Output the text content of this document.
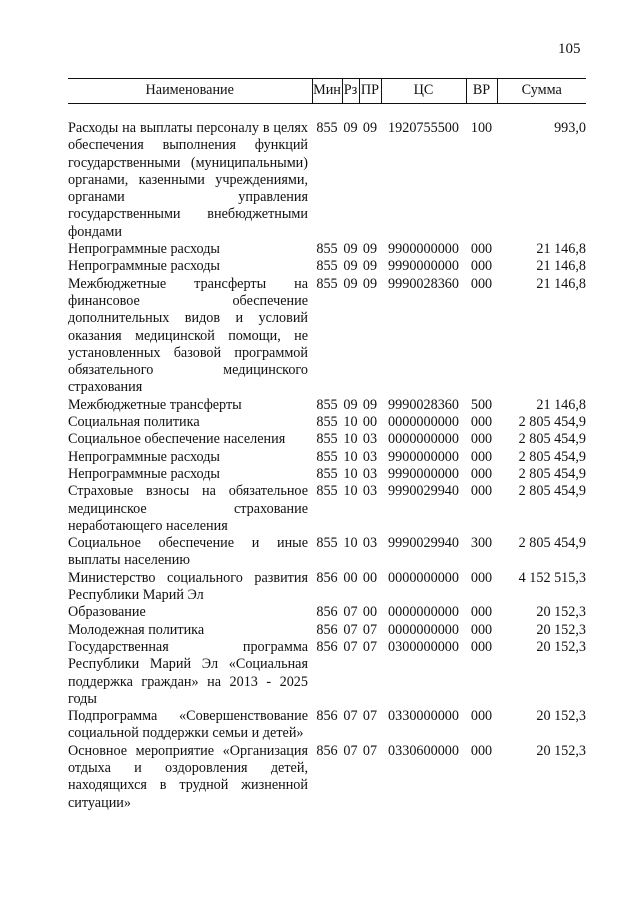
105
Наименование	Мин	Рз	ПР	ЦС	ВР	Сумма

Расходы на выплаты персоналу в целях обеспечения выполнения функций государственными (муниципальными) органами, казенными учреждениями, органами управления государственными внебюджетными фондами	855	09	09	1920755500	100	993,0
Непрограммные расходы	855	09	09	9900000000	000	21 146,8
Непрограммные расходы	855	09	09	9990000000	000	21 146,8
Межбюджетные трансферты на финансовое обеспечение дополнительных видов и условий оказания медицинской помощи, не установленных базовой программой обязательного медицинского страхования	855	09	09	9990028360	000	21 146,8
Межбюджетные трансферты	855	09	09	9990028360	500	21 146,8
Социальная политика	855	10	00	0000000000	000	2 805 454,9
Социальное обеспечение населения	855	10	03	0000000000	000	2 805 454,9
Непрограммные расходы	855	10	03	9900000000	000	2 805 454,9
Непрограммные расходы	855	10	03	9990000000	000	2 805 454,9
Страховые взносы на обязательное медицинское страхование неработающего населения	855	10	03	9990029940	000	2 805 454,9
Социальное обеспечение и иные выплаты населению	855	10	03	9990029940	300	2 805 454,9
Министерство социального развития Республики Марий Эл	856	00	00	0000000000	000	4 152 515,3
Образование	856	07	00	0000000000	000	20 152,3
Молодежная политика	856	07	07	0000000000	000	20 152,3
Государственная программа Республики Марий Эл «Социальная поддержка граждан» на 2013 - 2025 годы	856	07	07	0300000000	000	20 152,3
Подпрограмма «Совершенствование социальной поддержки семьи и детей»	856	07	07	0330000000	000	20 152,3
Основное мероприятие «Организация отдыха и оздоровления детей, находящихся в трудной жизненной ситуации»	856	07	07	0330600000	000	20 152,3
